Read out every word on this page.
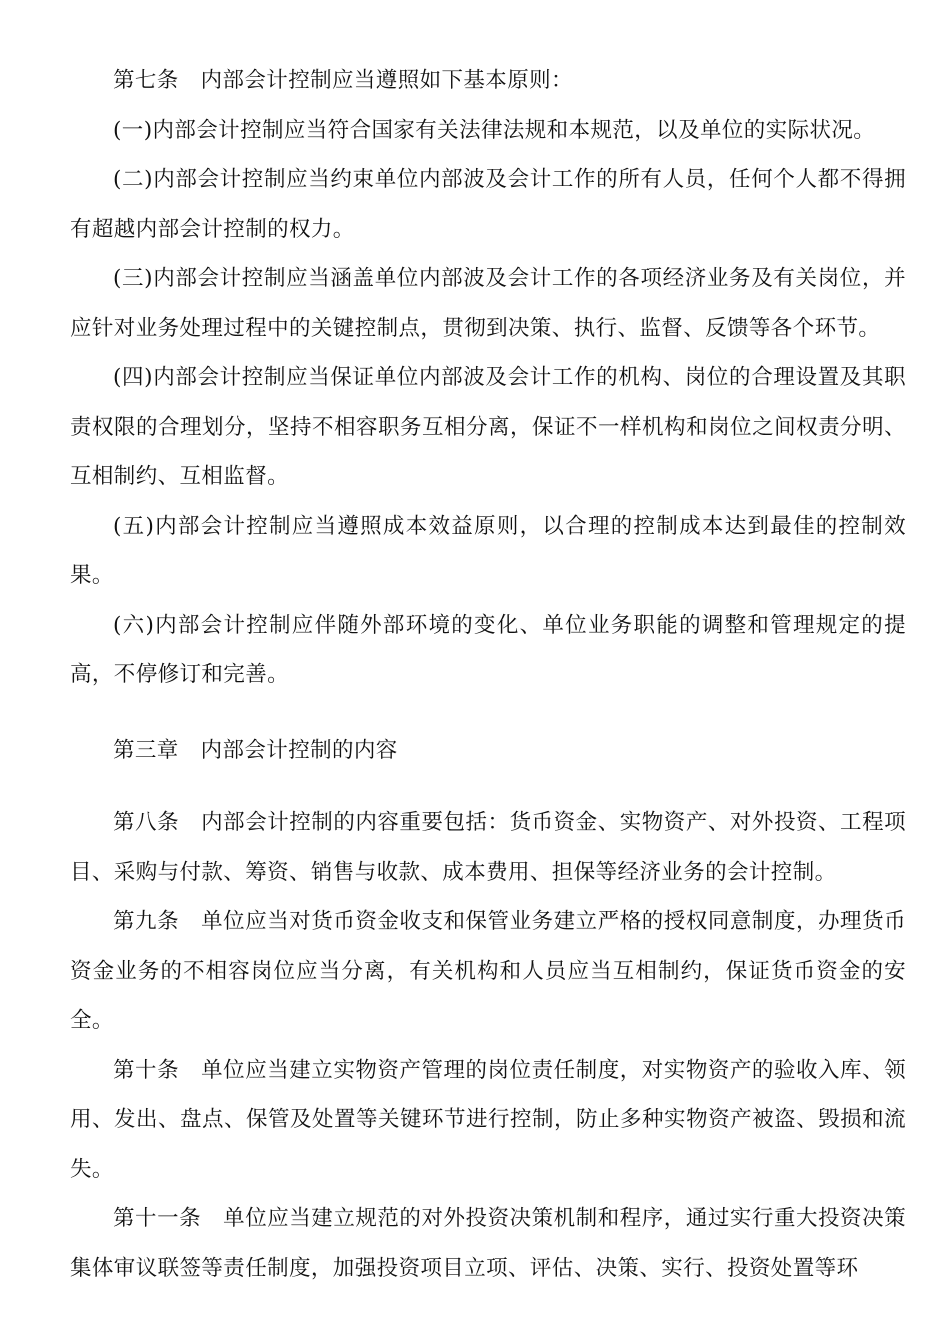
第七条　内部会计控制应当遵照如下基本原则：

(一)内部会计控制应当符合国家有关法律法规和本规范，以及单位的实际状况。

(二)内部会计控制应当约束单位内部波及会计工作的所有人员，任何个人都不得拥有超越内部会计控制的权力。

(三)内部会计控制应当涵盖单位内部波及会计工作的各项经济业务及有关岗位，并应针对业务处理过程中的关键控制点，贯彻到决策、执行、监督、反馈等各个环节。

(四)内部会计控制应当保证单位内部波及会计工作的机构、岗位的合理设置及其职责权限的合理划分，坚持不相容职务互相分离，保证不一样机构和岗位之间权责分明、互相制约、互相监督。

(五)内部会计控制应当遵照成本效益原则，以合理的控制成本达到最佳的控制效果。

(六)内部会计控制应伴随外部环境的变化、单位业务职能的调整和管理规定的提高，不停修订和完善。

第三章　内部会计控制的内容

第八条　内部会计控制的内容重要包括：货币资金、实物资产、对外投资、工程项目、采购与付款、筹资、销售与收款、成本费用、担保等经济业务的会计控制。

第九条　单位应当对货币资金收支和保管业务建立严格的授权同意制度，办理货币资金业务的不相容岗位应当分离，有关机构和人员应当互相制约，保证货币资金的安全。

第十条　单位应当建立实物资产管理的岗位责任制度，对实物资产的验收入库、领用、发出、盘点、保管及处置等关键环节进行控制，防止多种实物资产被盗、毁损和流失。

第十一条　单位应当建立规范的对外投资决策机制和程序，通过实行重大投资决策集体审议联签等责任制度，加强投资项目立项、评估、决策、实行、投资处置等环
